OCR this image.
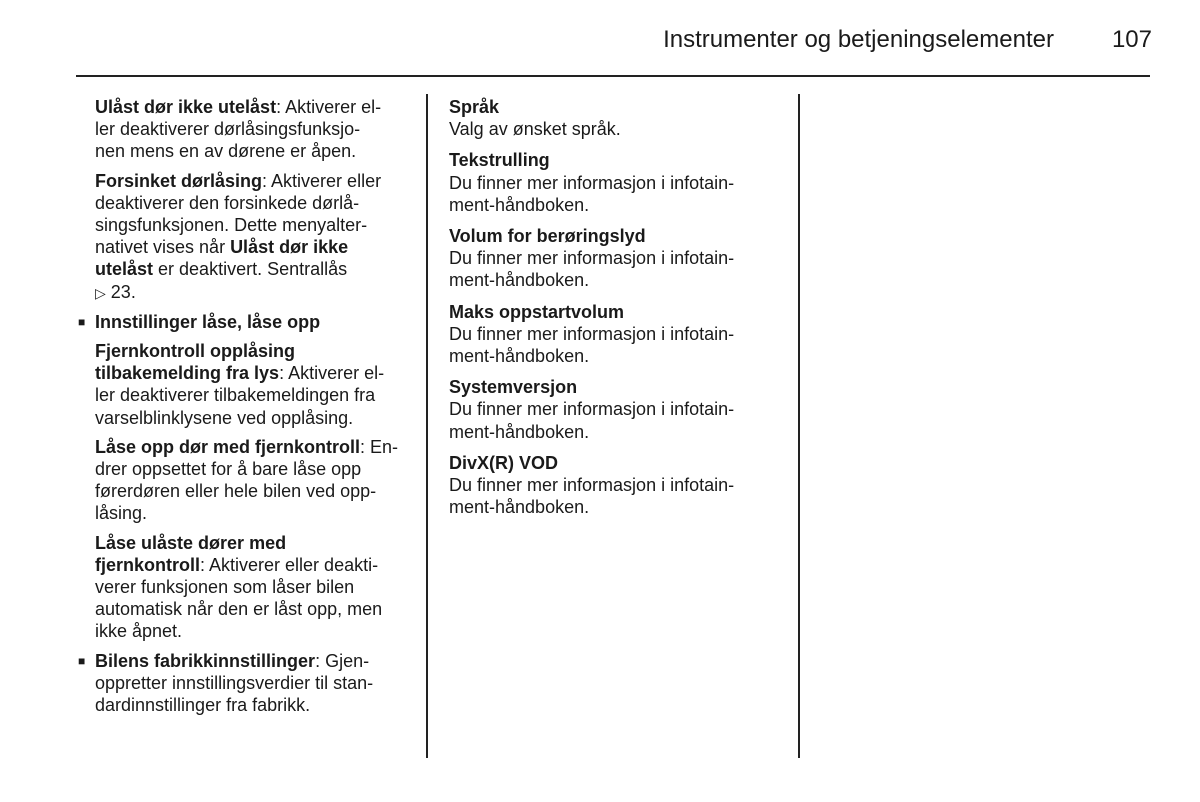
Instrumenter og betjeningselementer 107
Ulåst dør ikke utelåst: Aktiverer el-
ler deaktiverer dørlåsingsfunksjo-
nen mens en av dørene er åpen.
Forsinket dørlåsing: Aktiverer eller
deaktiverer den forsinkede dørlå-
singsfunksjonen. Dette menyalter-
nativet vises når Ulåst dør ikke
utelåst er deaktivert. Sentrallås
▷ 23.
■ Innstillinger låse, låse opp
Fjernkontroll opplåsing
tilbakemelding fra lys: Aktiverer el-
ler deaktiverer tilbakemeldingen fra
varselblinklysene ved opplåsing.
Låse opp dør med fjernkontroll: En-
drer oppsettet for å bare låse opp
førerdøren eller hele bilen ved opp-
låsing.
Låse ulåste dører med
fjernkontroll: Aktiverer eller deakti-
verer funksjonen som låser bilen
automatisk når den er låst opp, men
ikke åpnet.
■ Bilens fabrikkinnstillinger: Gjen-
oppretter innstillingsverdier til stan-
dardinnstillinger fra fabrikk.
Språk
Valg av ønsket språk.
Tekstrulling
Du finner mer informasjon i infotain-
ment-håndboken.
Volum for berøringslyd
Du finner mer informasjon i infotain-
ment-håndboken.
Maks oppstartvolum
Du finner mer informasjon i infotain-
ment-håndboken.
Systemversjon
Du finner mer informasjon i infotain-
ment-håndboken.
DivX(R) VOD
Du finner mer informasjon i infotain-
ment-håndboken.
